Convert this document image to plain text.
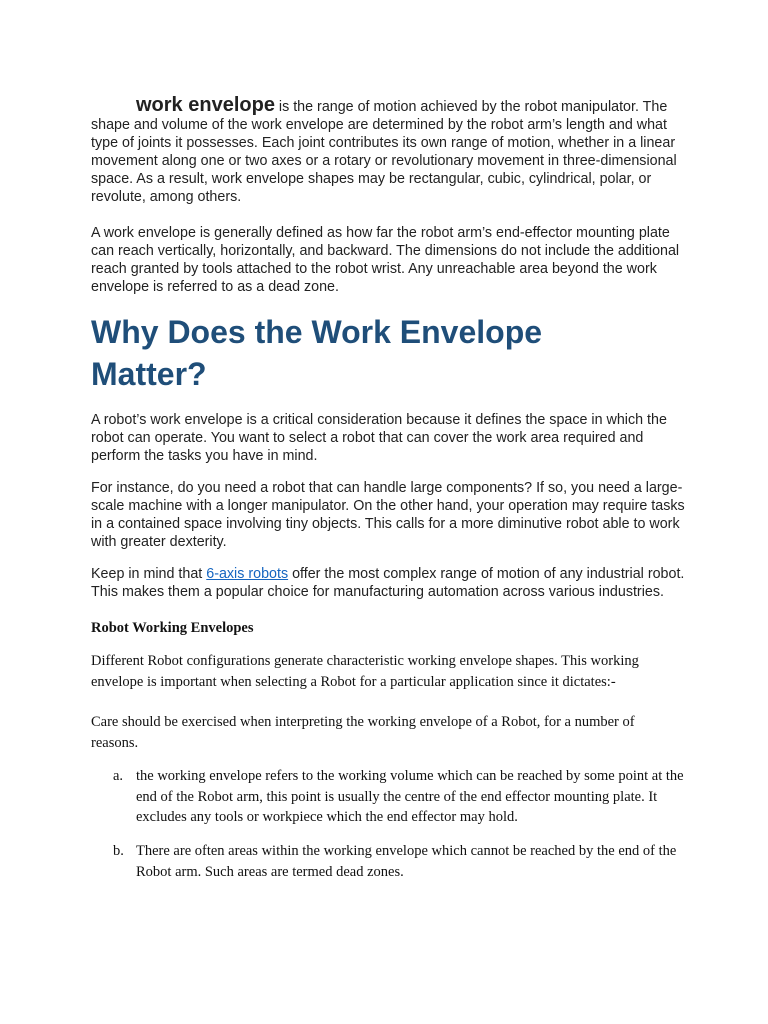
work envelope is the range of motion achieved by the robot manipulator. The shape and volume of the work envelope are determined by the robot arm’s length and what type of joints it possesses. Each joint contributes its own range of motion, whether in a linear movement along one or two axes or a rotary or revolutionary movement in three-dimensional space. As a result, work envelope shapes may be rectangular, cubic, cylindrical, polar, or revolute, among others.

A work envelope is generally defined as how far the robot arm’s end-effector mounting plate can reach vertically, horizontally, and backward. The dimensions do not include the additional reach granted by tools attached to the robot wrist. Any unreachable area beyond the work envelope is referred to as a dead zone.

Why Does the Work Envelope Matter?

A robot’s work envelope is a critical consideration because it defines the space in which the robot can operate. You want to select a robot that can cover the work area required and perform the tasks you have in mind.

For instance, do you need a robot that can handle large components? If so, you need a large-scale machine with a longer manipulator. On the other hand, your operation may require tasks in a contained space involving tiny objects. This calls for a more diminutive robot able to work with greater dexterity.

Keep in mind that 6-axis robots offer the most complex range of motion of any industrial robot. This makes them a popular choice for manufacturing automation across various industries.

Robot Working Envelopes

Different Robot configurations generate characteristic working envelope shapes. This working envelope is important when selecting a Robot for a particular application since it dictates:-

Care should be exercised when interpreting the working envelope of a Robot, for a number of reasons.

a. the working envelope refers to the working volume which can be reached by some point at the end of the Robot arm, this point is usually the centre of the end effector mounting plate. It excludes any tools or workpiece which the end effector may hold.

b. There are often areas within the working envelope which cannot be reached by the end of the Robot arm. Such areas are termed dead zones.
